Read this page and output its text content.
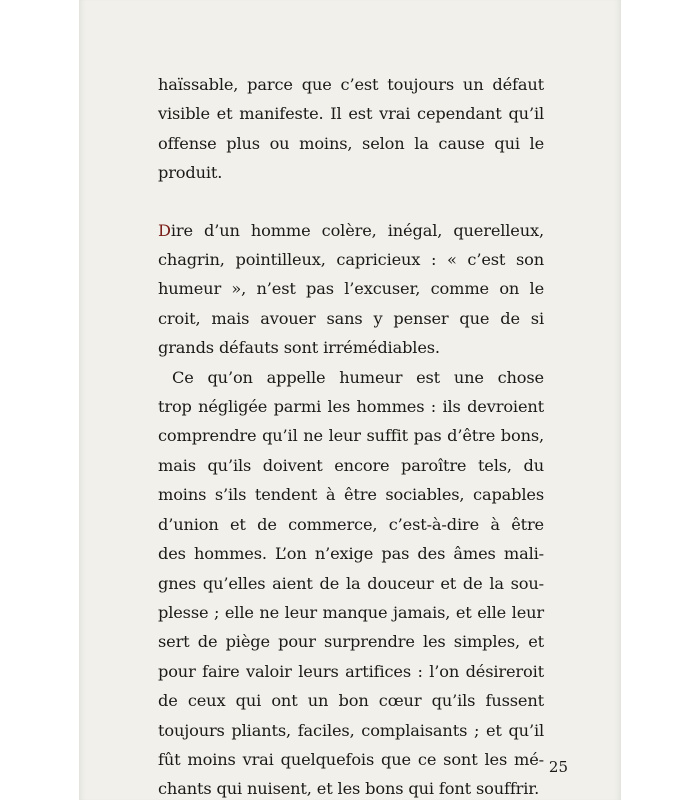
haïssable, parce que c’est toujours un défaut
visible et manifeste. Il est vrai cependant qu’il
offense plus ou moins, selon la cause qui le
produit.
Dire d’un homme colère, inégal, querelleux,
chagrin, pointilleux, capricieux : « c’est son
humeur », n’est pas l’excuser, comme on le
croit, mais avouer sans y penser que de si
grands défauts sont irrémédiables.
Ce qu’on appelle humeur est une chose
trop négligée parmi les hommes : ils devroient
comprendre qu’il ne leur suffit pas d’être bons,
mais qu’ils doivent encore paroître tels, du
moins s’ils tendent à être sociables, capables
d’union et de commerce, c’est-à-dire à être
des hommes. L’on n’exige pas des âmes mali-
gnes qu’elles aient de la douceur et de la sou-
plesse ; elle ne leur manque jamais, et elle leur
sert de piège pour surprendre les simples, et
pour faire valoir leurs artifices : l’on désireroit
de ceux qui ont un bon cœur qu’ils fussent
toujours pliants, faciles, complaisants ; et qu’il
fût moins vrai quelquefois que ce sont les mé-
chants qui nuisent, et les bons qui font souffrir.
25
